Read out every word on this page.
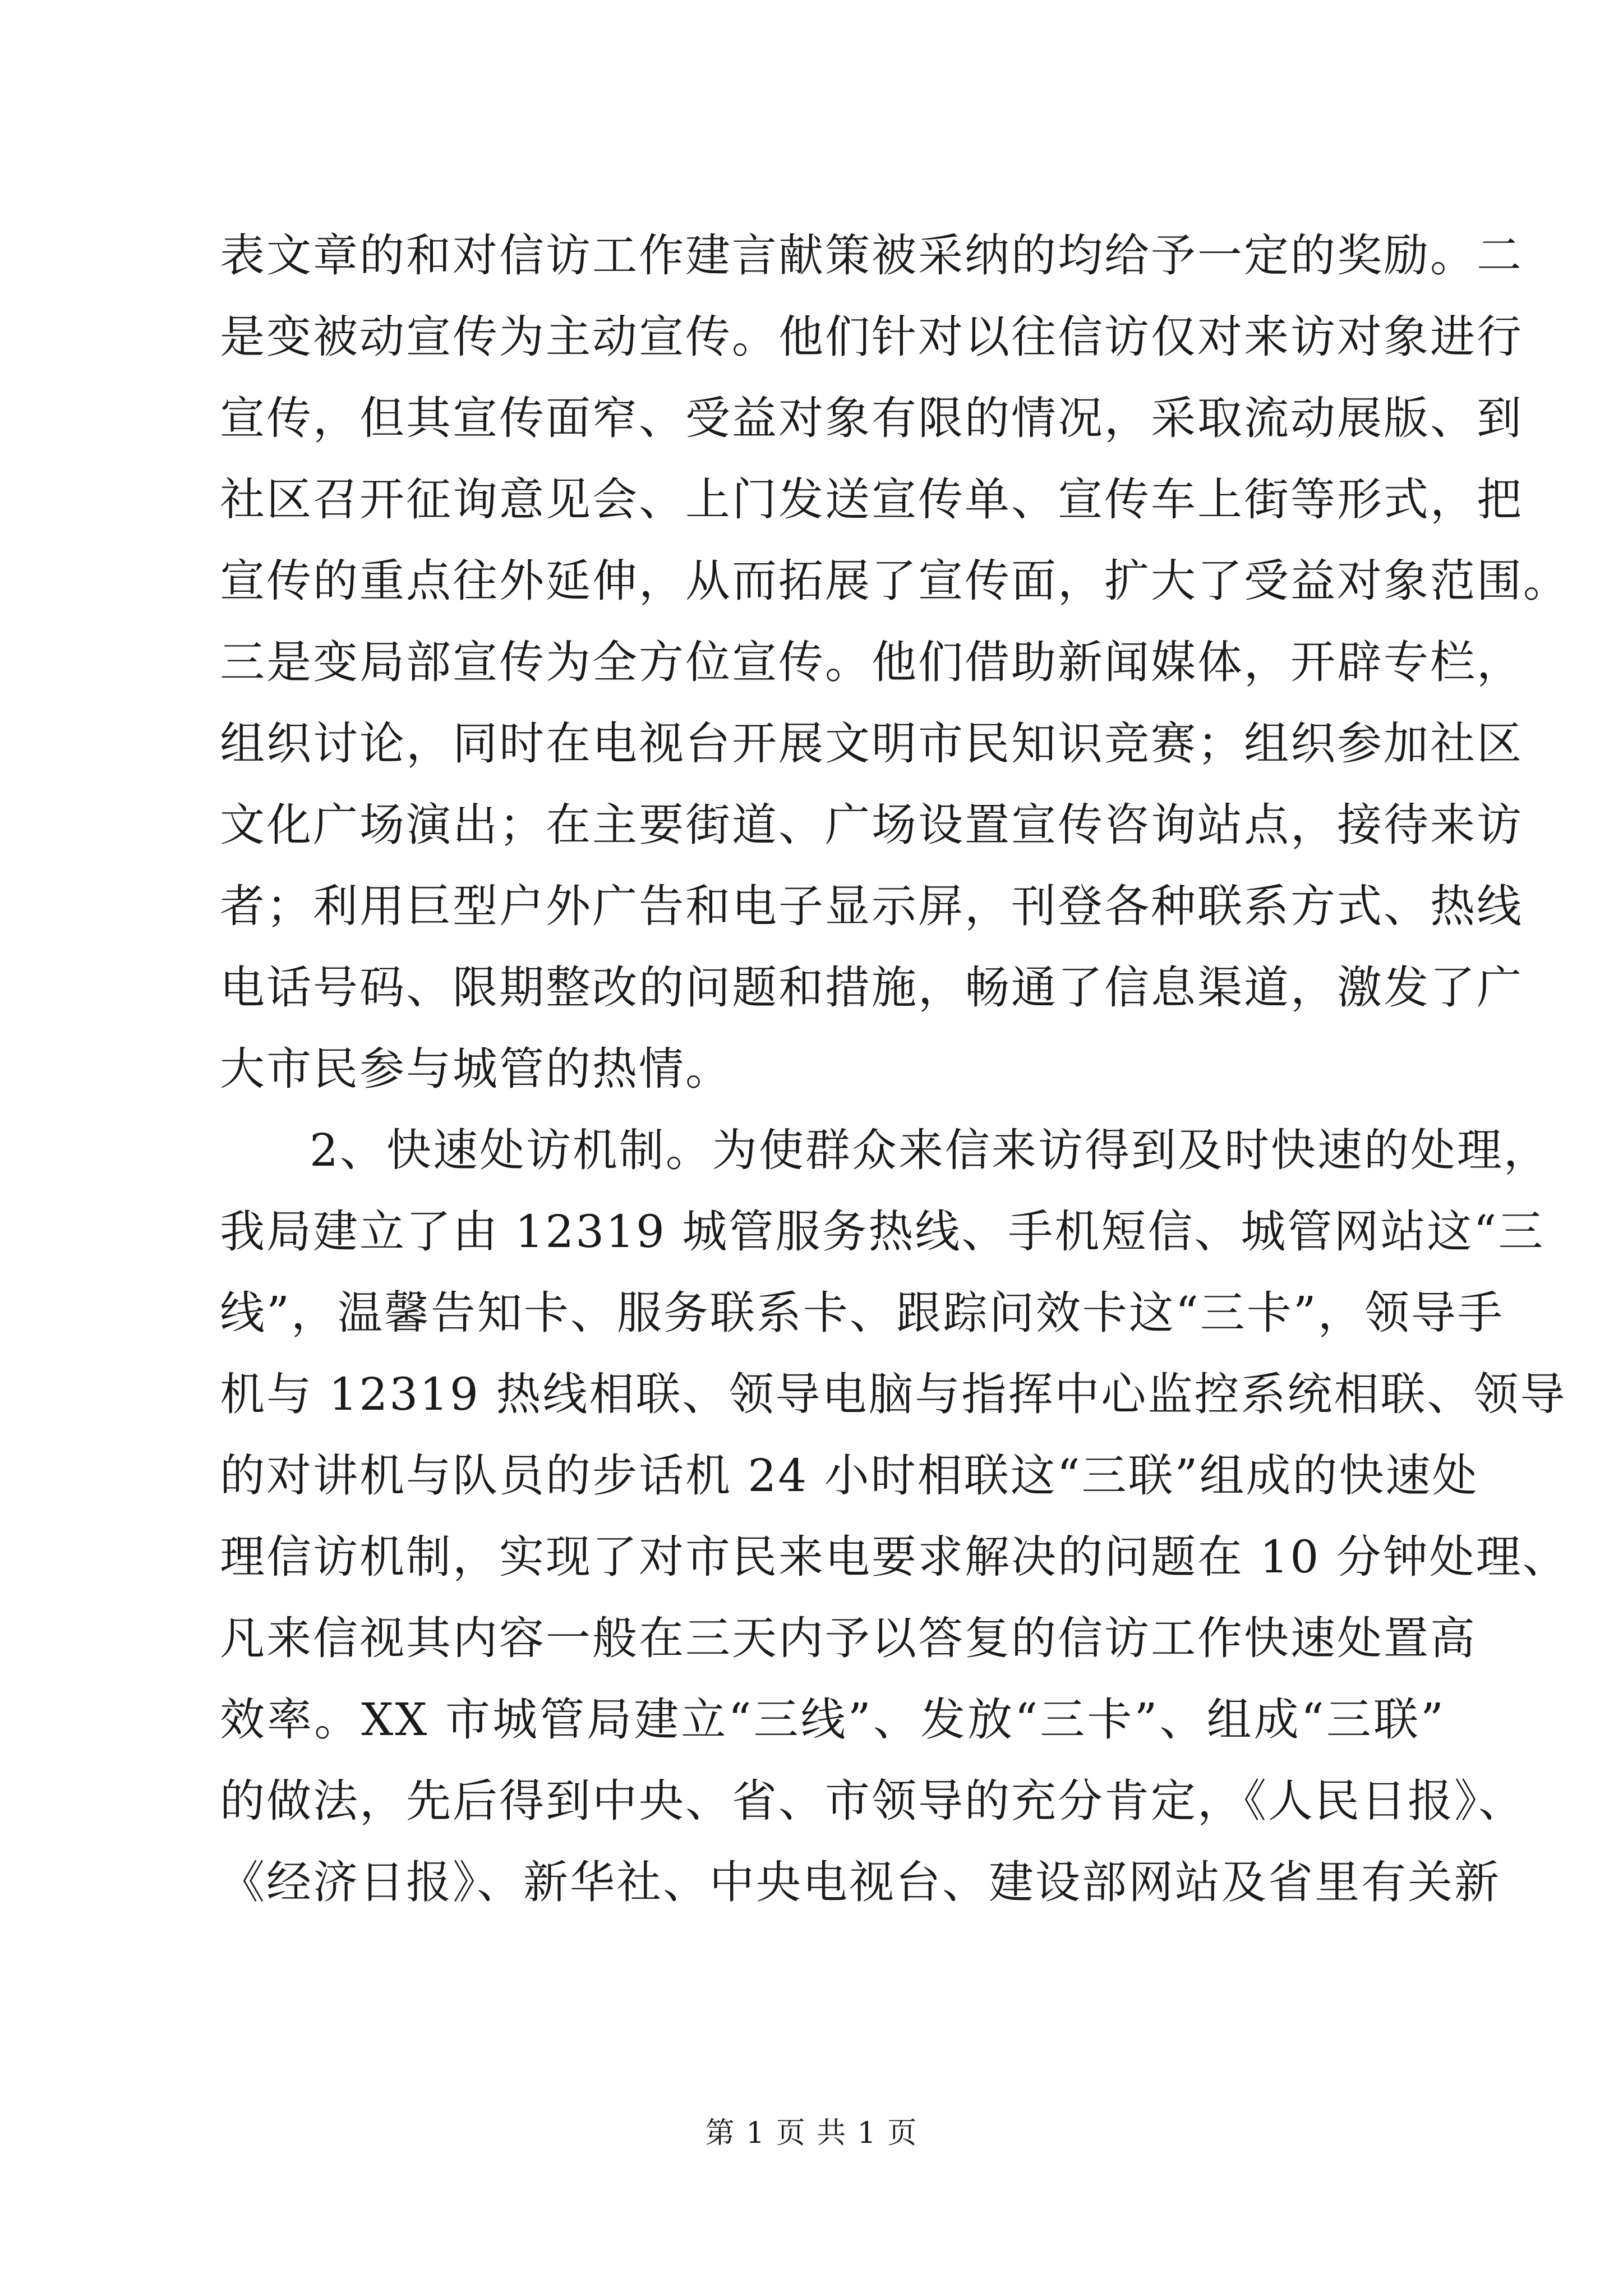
表文章的和对信访工作建言献策被采纳的均给予一定的奖励。二
是变被动宣传为主动宣传。他们针对以往信访仅对来访对象进行
宣传，但其宣传面窄、受益对象有限的情况，采取流动展版、到
社区召开征询意见会、上门发送宣传单、宣传车上街等形式，把
宣传的重点往外延伸，从而拓展了宣传面，扩大了受益对象范围。
三是变局部宣传为全方位宣传。他们借助新闻媒体，开辟专栏，
组织讨论，同时在电视台开展文明市民知识竞赛；组织参加社区
文化广场演出；在主要街道、广场设置宣传咨询站点，接待来访
者；利用巨型户外广告和电子显示屏，刊登各种联系方式、热线
电话号码、限期整改的问题和措施，畅通了信息渠道，激发了广
大市民参与城管的热情。
2、快速处访机制。为使群众来信来访得到及时快速的处理，
我局建立了由 12319 城管服务热线、手机短信、城管网站这“三
线”，温馨告知卡、服务联系卡、跟踪问效卡这“三卡”，领导手
机与 12319 热线相联、领导电脑与指挥中心监控系统相联、领导
的对讲机与队员的步话机 24 小时相联这“三联”组成的快速处
理信访机制，实现了对市民来电要求解决的问题在 10 分钟处理、
凡来信视其内容一般在三天内予以答复的信访工作快速处置高
效率。XX 市城管局建立“三线”、发放“三卡”、组成“三联”
的做法，先后得到中央、省、市领导的充分肯定，《人民日报》、
《经济日报》、新华社、中央电视台、建设部网站及省里有关新
第 1 页 共 1 页
